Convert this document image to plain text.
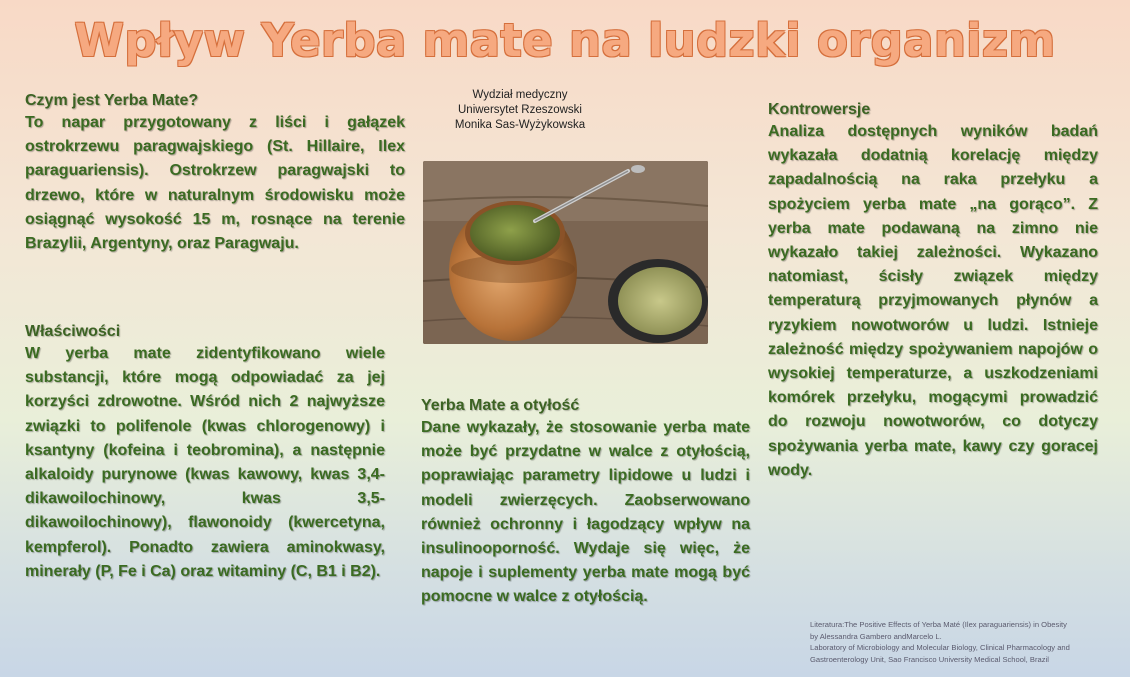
Wpływ Yerba mate na ludzki organizm
Wydział medyczny
Uniwersytet Rzeszowski
Monika Sas-Wyżykowska
Czym jest Yerba Mate?
To napar przygotowany z liści i gałązek ostrokrzewu paragwajskiego (St. Hillaire, Ilex paraguariensis). Ostrokrzew paragwajski to drzewo, które w naturalnym środowisku może osiągnąć wysokość 15 m, rosnące na terenie Brazylii, Argentyny, oraz Paragwaju.
Właściwości
W yerba mate zidentyfikowano wiele substancji, które mogą odpowiadać za jej korzyści zdrowotne. Wśród nich 2 najwyższe związki to polifenole (kwas chlorogenowy) i ksantyny (kofeina i teobromina), a następnie alkaloidy purynowe (kwas kawowy, kwas 3,4-dikawoilochinowy, kwas 3,5-dikawoilochinowy), flawonoidy (kwercetyna, kempferol). Ponadto zawiera aminokwasy, minerały (P, Fe i Ca) oraz witaminy (C, B1 i B2).
Yerba Mate a otyłość
Dane wykazały, że stosowanie yerba mate może być przydatne w walce z otyłością, poprawiając parametry lipidowe u ludzi i modeli zwierzęcych. Zaobserwowano również ochronny i łagodzący wpływ na insulinooporność. Wydaje się więc, że napoje i suplementy yerba mate mogą być pomocne w walce z otyłością.
Kontrowersje
Analiza dostępnych wyników badań wykazała dodatnią korelację między zapadalnością na raka przełyku a spożyciem yerba mate „na gorąco”. Z yerba mate podawaną na zimno nie wykazało takiej zależności. Wykazano natomiast, ścisły związek między temperaturą przyjmowanych płynów a ryzykiem nowotworów u ludzi. Istnieje zależność między spożywaniem napojów o wysokiej temperaturze, a uszkodzeniami komórek przełyku, mogącymi prowadzić do rozwoju nowotworów, co dotyczy spożywania yerba mate, kawy czy goracej wody.
Literatura:The Positive Effects of Yerba Maté (Ilex paraguariensis) in Obesity
by Alessandra Gambero andMarcelo L.
Laboratory of Microbiology and Molecular Biology, Clinical Pharmacology and
Gastroenterology Unit, Sao Francisco University Medical School, Brazil
